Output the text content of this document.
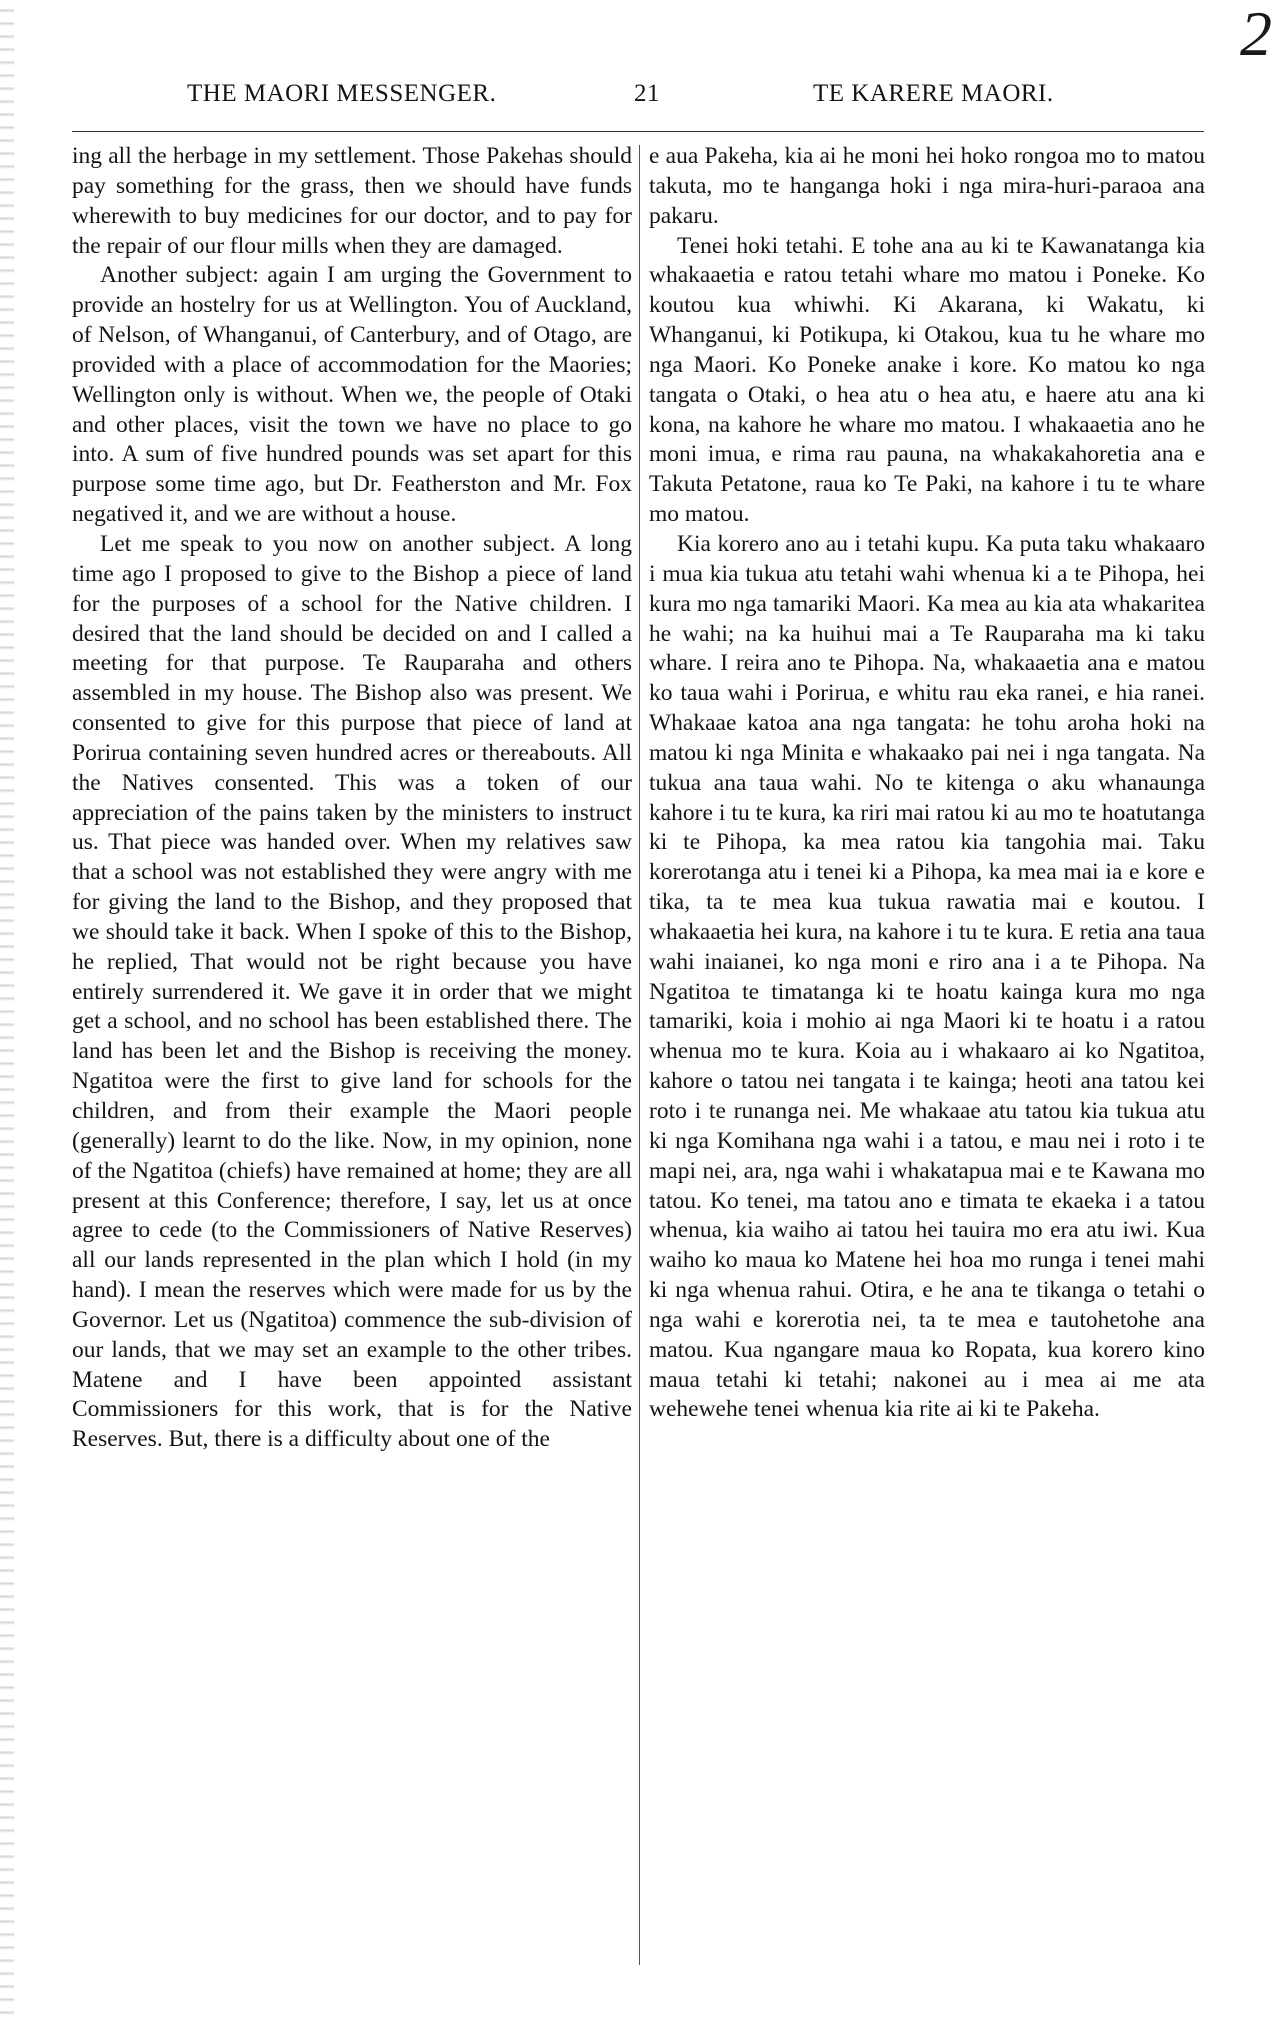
2
THE MAORI MESSENGER.	21	TE KARERE MAORI.

ing all the herbage in my settlement. Those Pakehas should pay something for the grass, then we should have funds wherewith to buy medicines for our doctor, and to pay for the repair of our flour mills when they are damaged.

Another subject: again I am urging the Government to provide an hostelry for us at Wellington. You of Auckland, of Nelson, of Whanganui, of Canterbury, and of Otago, are provided with a place of accommodation for the Maories; Wellington only is without. When we, the people of Otaki and other places, visit the town we have no place to go into. A sum of five hundred pounds was set apart for this purpose some time ago, but Dr. Featherston and Mr. Fox negatived it, and we are without a house.

Let me speak to you now on another subject. A long time ago I proposed to give to the Bishop a piece of land for the purposes of a school for the Native children. I desired that the land should be decided on and I called a meeting for that purpose. Te Rauparaha and others assembled in my house. The Bishop also was present. We consented to give for this purpose that piece of land at Porirua containing seven hundred acres or thereabouts. All the Natives consented. This was a token of our appreciation of the pains taken by the ministers to instruct us. That piece was handed over. When my relatives saw that a school was not established they were angry with me for giving the land to the Bishop, and they proposed that we should take it back. When I spoke of this to the Bishop, he replied, That would not be right because you have entirely surrendered it. We gave it in order that we might get a school, and no school has been established there. The land has been let and the Bishop is receiving the money. Ngatitoa were the first to give land for schools for the children, and from their example the Maori people (generally) learnt to do the like. Now, in my opinion, none of the Ngatitoa (chiefs) have remained at home; they are all present at this Conference; therefore, I say, let us at once agree to cede (to the Commissioners of Native Reserves) all our lands represented in the plan which I hold (in my hand). I mean the reserves which were made for us by the Governor. Let us (Ngatitoa) commence the sub-division of our lands, that we may set an example to the other tribes. Matene and I have been appointed assistant Commissioners for this work, that is for the Native Reserves. But, there is a difficulty about one of the

e aua Pakeha, kia ai he moni hei hoko rongoa mo to matou takuta, mo te hanganga hoki i nga mira-huri-paraoa ana pakaru.

Tenei hoki tetahi. E tohe ana au ki te Kawanatanga kia whakaaetia e ratou tetahi whare mo matou i Poneke. Ko koutou kua whiwhi. Ki Akarana, ki Wakatu, ki Whanganui, ki Potikupa, ki Otakou, kua tu he whare mo nga Maori. Ko Poneke anake i kore. Ko matou ko nga tangata o Otaki, o hea atu o hea atu, e haere atu ana ki kona, na kahore he whare mo matou. I whakaaetia ano he moni imua, e rima rau pauna, na whakakahoretia ana e Takuta Petatone, raua ko Te Paki, na kahore i tu te whare mo matou.

Kia korero ano au i tetahi kupu. Ka puta taku whakaaro i mua kia tukua atu tetahi wahi whenua ki a te Pihopa, hei kura mo nga tamariki Maori. Ka mea au kia ata whakaritea he wahi; na ka huihui mai a Te Rauparaha ma ki taku whare. I reira ano te Pihopa. Na, whakaaetia ana e matou ko taua wahi i Porirua, e whitu rau eka ranei, e hia ranei. Whakaae katoa ana nga tangata: he tohu aroha hoki na matou ki nga Minita e whakaako pai nei i nga tangata. Na tukua ana taua wahi. No te kitenga o aku whanaunga kahore i tu te kura, ka riri mai ratou ki au mo te hoatutanga ki te Pihopa, ka mea ratou kia tangohia mai. Taku korerotanga atu i tenei ki a Pihopa, ka mea mai ia e kore e tika, ta te mea kua tukua rawatia mai e koutou. I whakaaetia hei kura, na kahore i tu te kura. E retia ana taua wahi inaianei, ko nga moni e riro ana i a te Pihopa. Na Ngatitoa te timatanga ki te hoatu kainga kura mo nga tamariki, koia i mohio ai nga Maori ki te hoatu i a ratou whenua mo te kura. Koia au i whakaaro ai ko Ngatitoa, kahore o tatou nei tangata i te kainga; heoti ana tatou kei roto i te runanga nei. Me whakaae atu tatou kia tukua atu ki nga Komihana nga wahi i a tatou, e mau nei i roto i te mapi nei, ara, nga wahi i whakatapua mai e te Kawana mo tatou. Ko tenei, ma tatou ano e timata te ekaeka i a tatou whenua, kia waiho ai tatou hei tauira mo era atu iwi. Kua waiho ko maua ko Matene hei hoa mo runga i tenei mahi ki nga whenua rahui. Otira, e he ana te tikanga o tetahi o nga wahi e korerotia nei, ta te mea e tautohetohe ana matou. Kua ngangare maua ko Ropata, kua korero kino maua tetahi ki tetahi; nakonei au i mea ai me ata wehewehe tenei whenua kia rite ai ki te Pakeha.
